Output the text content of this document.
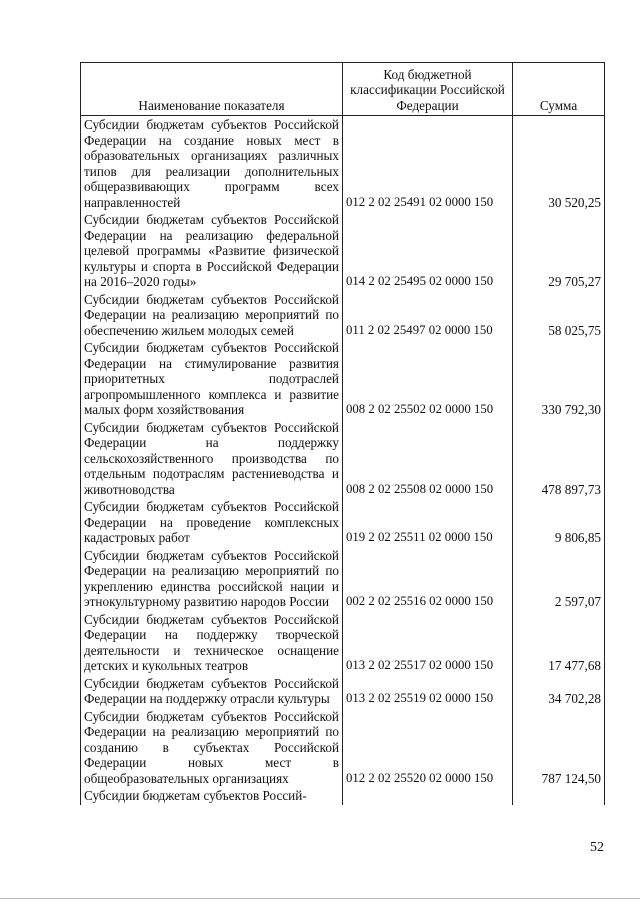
Наименование показателя	Код бюджетной классификации Российской Федерации	Сумма
Субсидии бюджетам субъектов Российской Федерации на создание новых мест в образовательных организациях различных типов для реализации дополнительных общеразвивающих программ всех направленностей	012 2 02 25491 02 0000 150	30 520,25
Субсидии бюджетам субъектов Российской Федерации на реализацию федеральной целевой программы «Развитие физической культуры и спорта в Российской Федерации на 2016–2020 годы»	014 2 02 25495 02 0000 150	29 705,27
Субсидии бюджетам субъектов Российской Федерации на реализацию мероприятий по обеспечению жильем молодых семей	011 2 02 25497 02 0000 150	58 025,75
Субсидии бюджетам субъектов Российской Федерации на стимулирование развития приоритетных подотраслей агропромышленного комплекса и развитие малых форм хозяйствования	008 2 02 25502 02 0000 150	330 792,30
Субсидии бюджетам субъектов Российской Федерации на поддержку сельскохозяйственного производства по отдельным подотраслям растениеводства и животноводства	008 2 02 25508 02 0000 150	478 897,73
Субсидии бюджетам субъектов Российской Федерации на проведение комплексных кадастровых работ	019 2 02 25511 02 0000 150	9 806,85
Субсидии бюджетам субъектов Российской Федерации на реализацию мероприятий по укреплению единства российской нации и этнокультурному развитию народов России	002 2 02 25516 02 0000 150	2 597,07
Субсидии бюджетам субъектов Российской Федерации на поддержку творческой деятельности и техническое оснащение детских и кукольных театров	013 2 02 25517 02 0000 150	17 477,68
Субсидии бюджетам субъектов Российской Федерации на поддержку отрасли культуры	013 2 02 25519 02 0000 150	34 702,28
Субсидии бюджетам субъектов Российской Федерации на реализацию мероприятий по созданию в субъектах Российской Федерации новых мест в общеобразовательных организациях	012 2 02 25520 02 0000 150	787 124,50
Субсидии бюджетам субъектов Россий-		
52
